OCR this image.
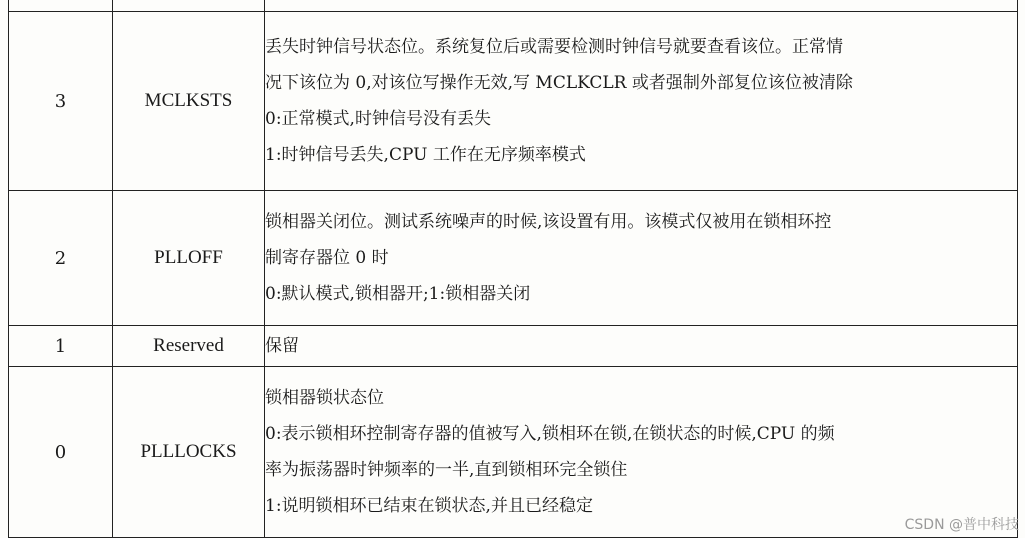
3	MCLKSTS	丢失时钟信号状态位。系统复位后或需要检测时钟信号就要查看该位。正常情
况下该位为 0,对该位写操作无效,写 MCLKCLR 或者强制外部复位该位被清除
0:正常模式,时钟信号没有丢失
1:时钟信号丢失,CPU 工作在无序频率模式

2	PLLOFF	锁相器关闭位。测试系统噪声的时候,该设置有用。该模式仅被用在锁相环控
制寄存器位 0 时
0:默认模式,锁相器开;1:锁相器关闭

1	Reserved	保留

0	PLLLOCKS	锁相器锁状态位
0:表示锁相环控制寄存器的值被写入,锁相环在锁,在锁状态的时候,CPU 的频
率为振荡器时钟频率的一半,直到锁相环完全锁住
1:说明锁相环已结束在锁状态,并且已经稳定
CSDN @普中科技
